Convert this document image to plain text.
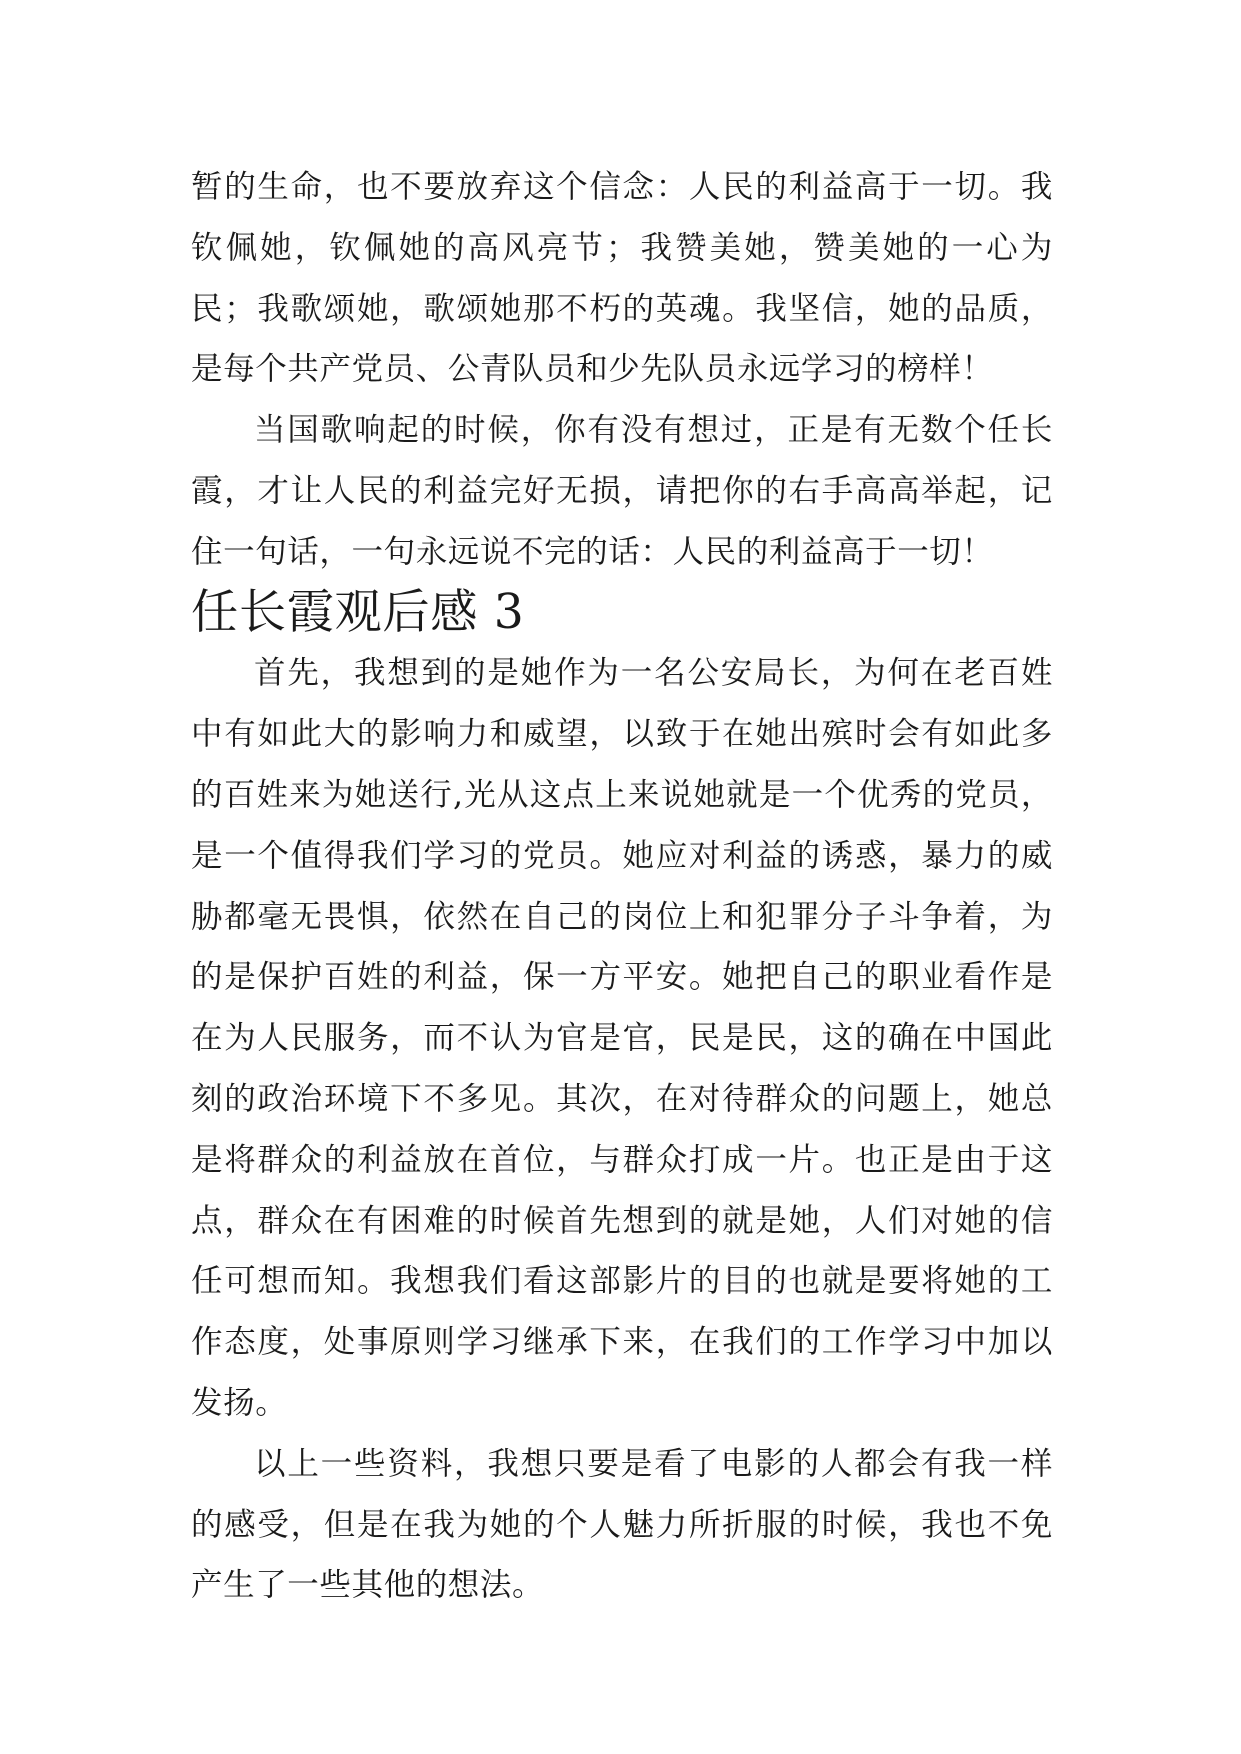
暂的生命，也不要放弃这个信念：人民的利益高于一切。我钦佩她，钦佩她的高风亮节；我赞美她，赞美她的一心为民；我歌颂她，歌颂她那不朽的英魂。我坚信，她的品质，是每个共产党员、公青队员和少先队员永远学习的榜样！

当国歌响起的时候，你有没有想过，正是有无数个任长霞，才让人民的利益完好无损，请把你的右手高高举起，记住一句话，一句永远说不完的话：人民的利益高于一切！

任长霞观后感 3

首先，我想到的是她作为一名公安局长，为何在老百姓中有如此大的影响力和威望，以致于在她出殡时会有如此多的百姓来为她送行,光从这点上来说她就是一个优秀的党员，是一个值得我们学习的党员。她应对利益的诱惑，暴力的威胁都毫无畏惧，依然在自己的岗位上和犯罪分子斗争着，为的是保护百姓的利益，保一方平安。她把自己的职业看作是在为人民服务，而不认为官是官，民是民，这的确在中国此刻的政治环境下不多见。其次，在对待群众的问题上，她总是将群众的利益放在首位，与群众打成一片。也正是由于这点，群众在有困难的时候首先想到的就是她，人们对她的信任可想而知。我想我们看这部影片的目的也就是要将她的工作态度，处事原则学习继承下来，在我们的工作学习中加以发扬。

以上一些资料，我想只要是看了电影的人都会有我一样的感受，但是在我为她的个人魅力所折服的时候，我也不免产生了一些其他的想法。
